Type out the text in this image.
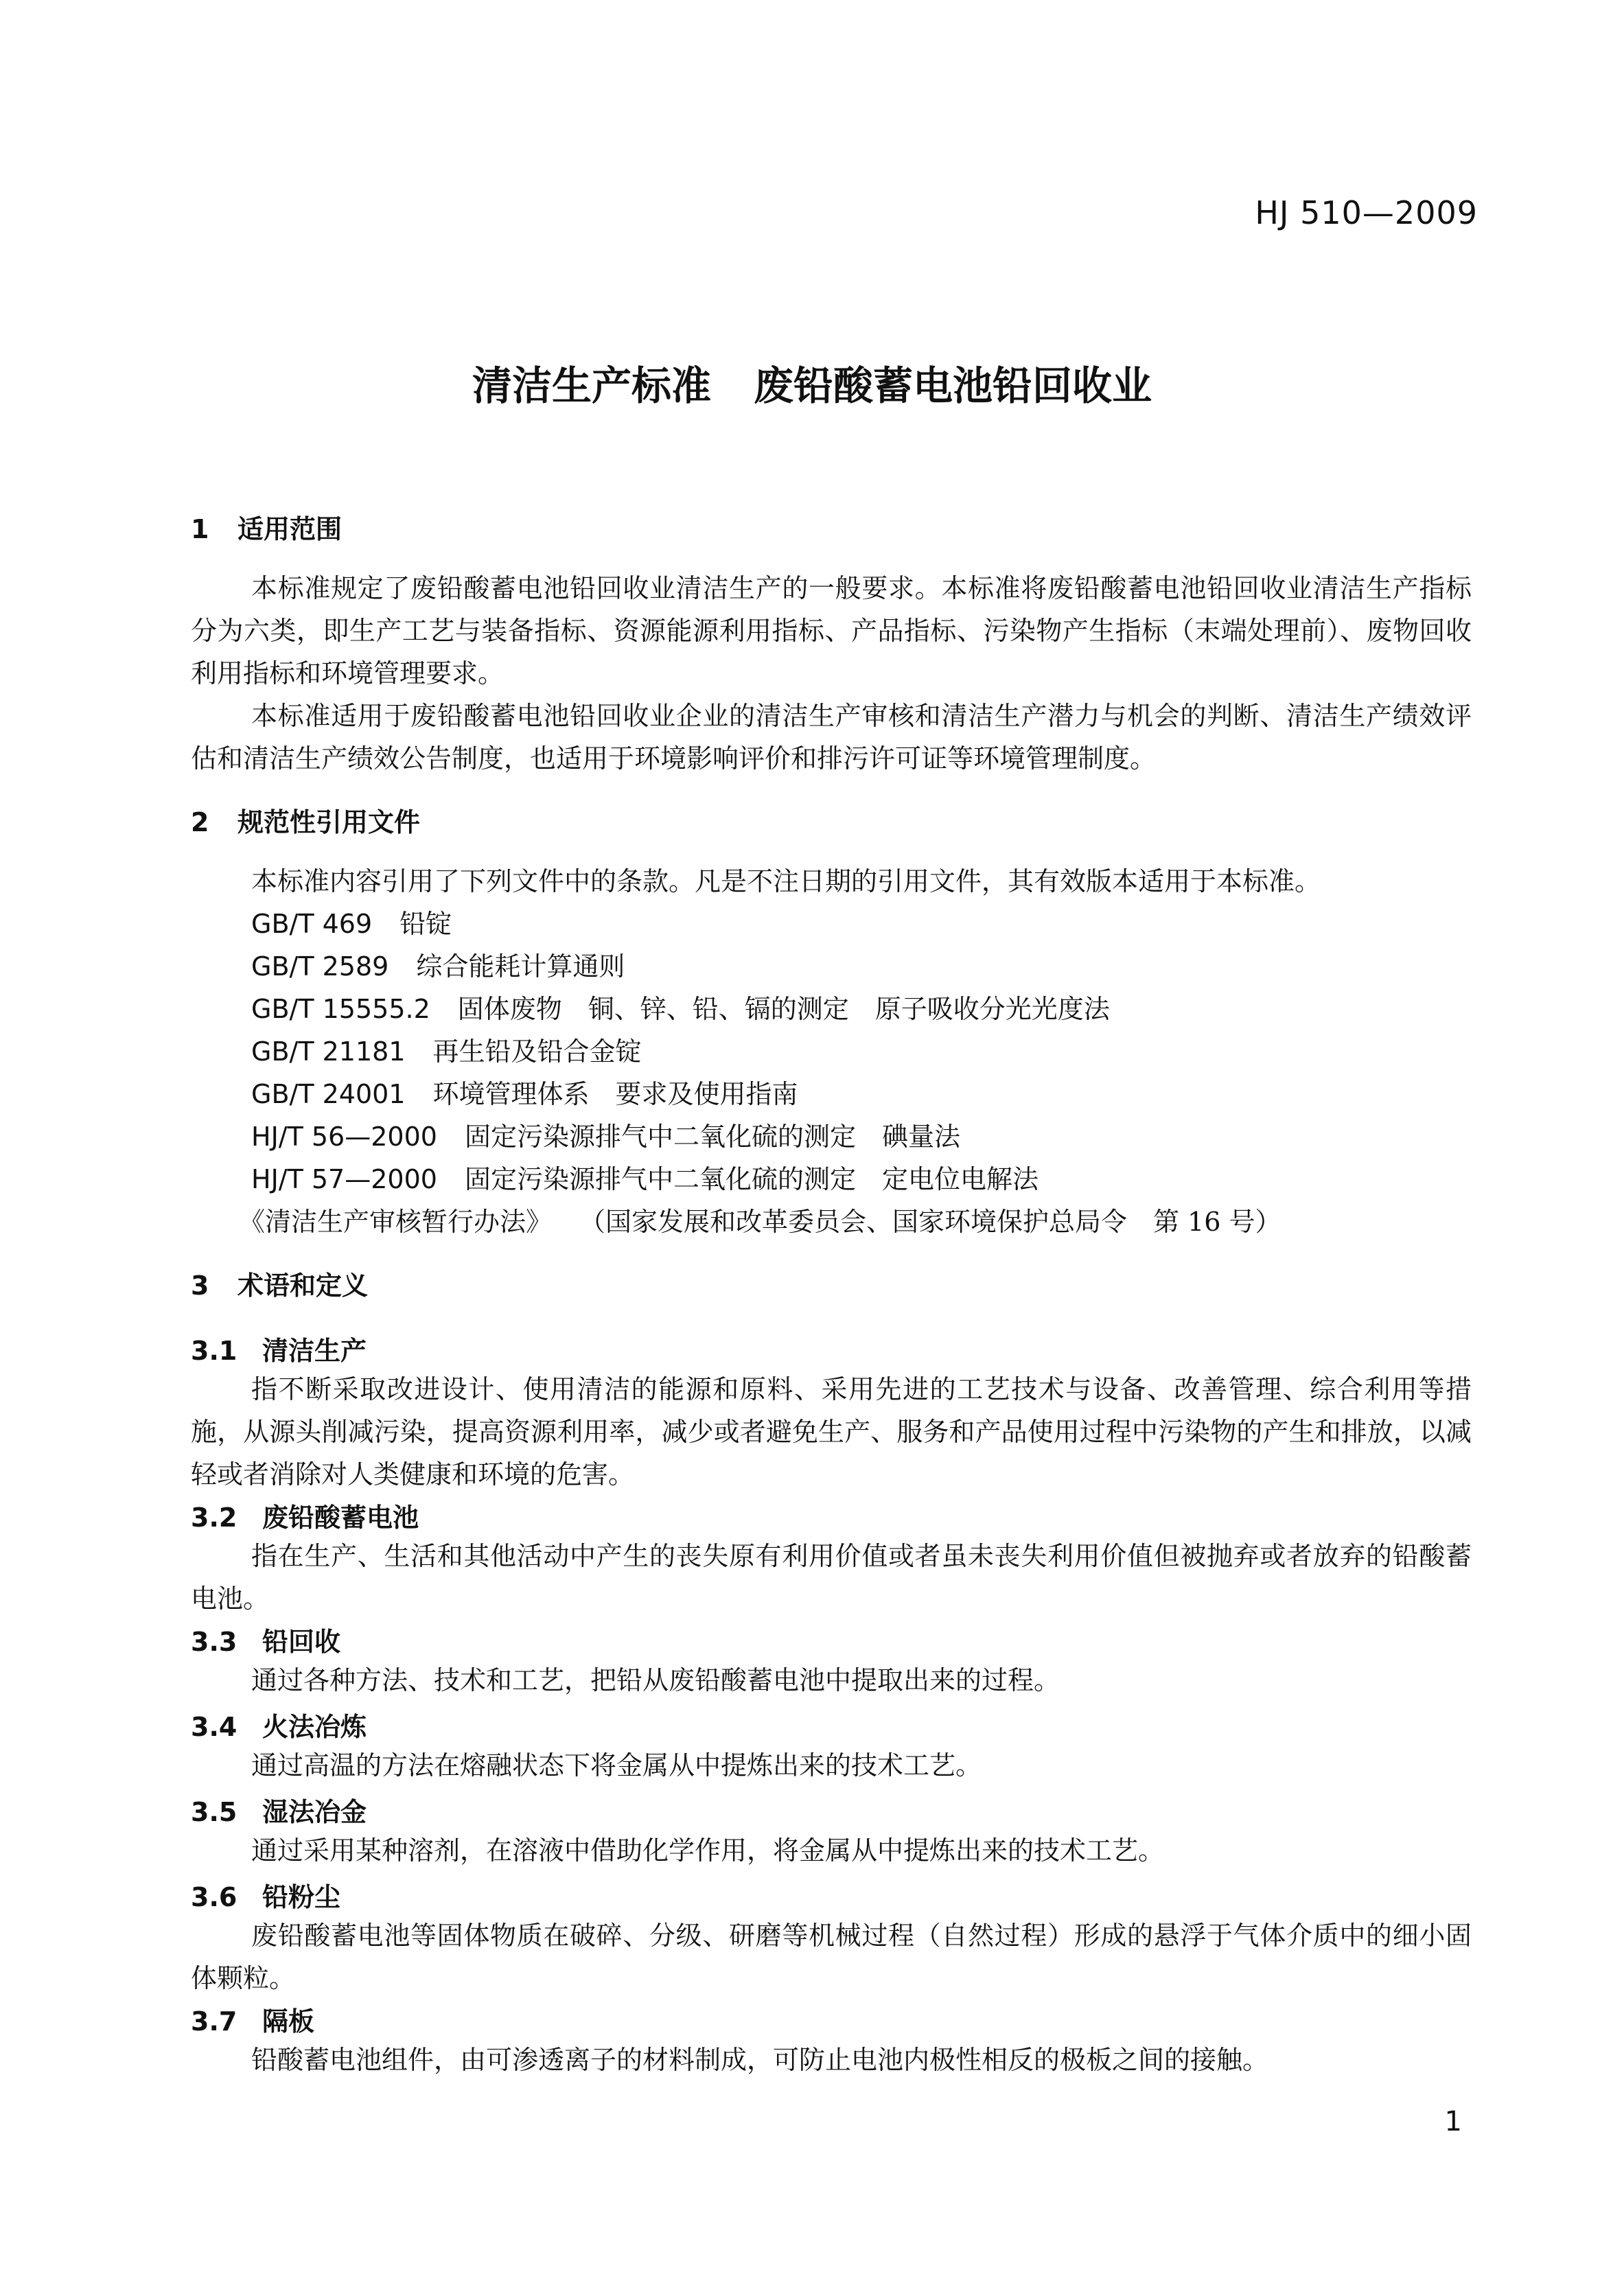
HJ 510—2009
清洁生产标准 废铅酸蓄电池铅回收业
1 适用范围
本标准规定了废铅酸蓄电池铅回收业清洁生产的一般要求。本标准将废铅酸蓄电池铅回收业清洁生产指标分为六类，即生产工艺与装备指标、资源能源利用指标、产品指标、污染物产生指标（末端处理前）、废物回收利用指标和环境管理要求。
本标准适用于废铅酸蓄电池铅回收业企业的清洁生产审核和清洁生产潜力与机会的判断、清洁生产绩效评估和清洁生产绩效公告制度，也适用于环境影响评价和排污许可证等环境管理制度。
2 规范性引用文件
本标准内容引用了下列文件中的条款。凡是不注日期的引用文件，其有效版本适用于本标准。
GB/T 469 铅锭
GB/T 2589 综合能耗计算通则
GB/T 15555.2 固体废物　铜、锌、铅、镉的测定　原子吸收分光光度法
GB/T 21181 再生铅及铅合金锭
GB/T 24001 环境管理体系　要求及使用指南
HJ/T 56—2000 固定污染源排气中二氧化硫的测定　碘量法
HJ/T 57—2000 固定污染源排气中二氧化硫的测定　定电位电解法
《清洁生产审核暂行办法》 （国家发展和改革委员会、国家环境保护总局令　第 16 号）
3 术语和定义
3.1 清洁生产
指不断采取改进设计、使用清洁的能源和原料、采用先进的工艺技术与设备、改善管理、综合利用等措施，从源头削减污染，提高资源利用率，减少或者避免生产、服务和产品使用过程中污染物的产生和排放，以减轻或者消除对人类健康和环境的危害。
3.2 废铅酸蓄电池
指在生产、生活和其他活动中产生的丧失原有利用价值或者虽未丧失利用价值但被抛弃或者放弃的铅酸蓄电池。
3.3 铅回收
通过各种方法、技术和工艺，把铅从废铅酸蓄电池中提取出来的过程。
3.4 火法冶炼
通过高温的方法在熔融状态下将金属从中提炼出来的技术工艺。
3.5 湿法冶金
通过采用某种溶剂，在溶液中借助化学作用，将金属从中提炼出来的技术工艺。
3.6 铅粉尘
废铅酸蓄电池等固体物质在破碎、分级、研磨等机械过程（自然过程）形成的悬浮于气体介质中的细小固体颗粒。
3.7 隔板
铅酸蓄电池组件，由可渗透离子的材料制成，可防止电池内极性相反的极板之间的接触。
1
